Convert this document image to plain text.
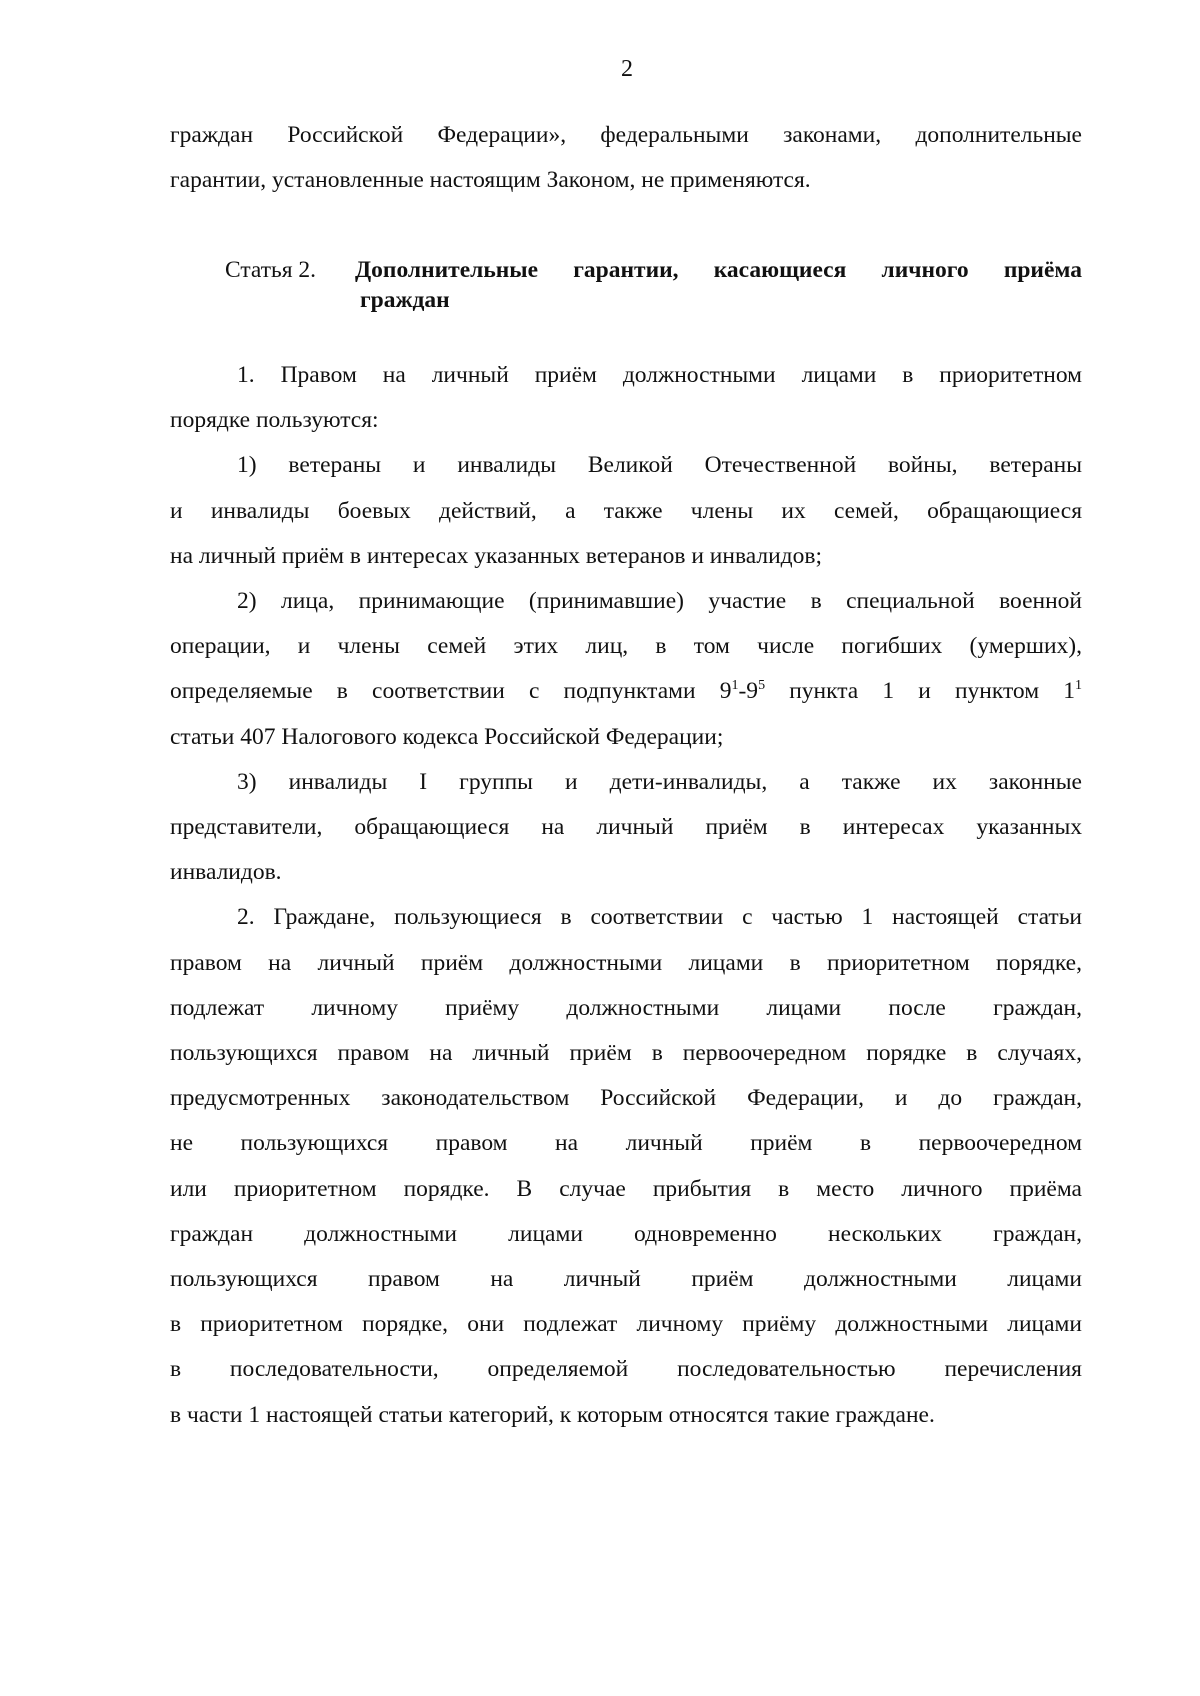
2
граждан Российской Федерации», федеральными законами, дополнительные
гарантии, установленные настоящим Законом, не применяются.
Статья 2. Дополнительные гарантии, касающиеся личного приёма
граждан
1. Правом на личный приём должностными лицами в приоритетном
порядке пользуются:
1) ветераны и инвалиды Великой Отечественной войны, ветераны
и инвалиды боевых действий, а также члены их семей, обращающиеся
на личный приём в интересах указанных ветеранов и инвалидов;
2) лица, принимающие (принимавшие) участие в специальной военной
операции, и члены семей этих лиц, в том числе погибших (умерших),
определяемые в соответствии с подпунктами $9^1-9^5$ пункта 1 и пунктом $1^1$
статьи 407 Налогового кодекса Российской Федерации;
3) инвалиды I группы и дети-инвалиды, а также их законные
представители, обращающиеся на личный приём в интересах указанных
инвалидов.
2. Граждане, пользующиеся в соответствии с частью 1 настоящей статьи
правом на личный приём должностными лицами в приоритетном порядке,
подлежат личному приёму должностными лицами после граждан,
пользующихся правом на личный приём в первоочередном порядке в случаях,
предусмотренных законодательством Российской Федерации, и до граждан,
не пользующихся правом на личный приём в первоочередном
или приоритетном порядке. В случае прибытия в место личного приёма
граждан должностными лицами одновременно нескольких граждан,
пользующихся правом на личный приём должностными лицами
в приоритетном порядке, они подлежат личному приёму должностными лицами
в последовательности, определяемой последовательностью перечисления
в части 1 настоящей статьи категорий, к которым относятся такие граждане.
